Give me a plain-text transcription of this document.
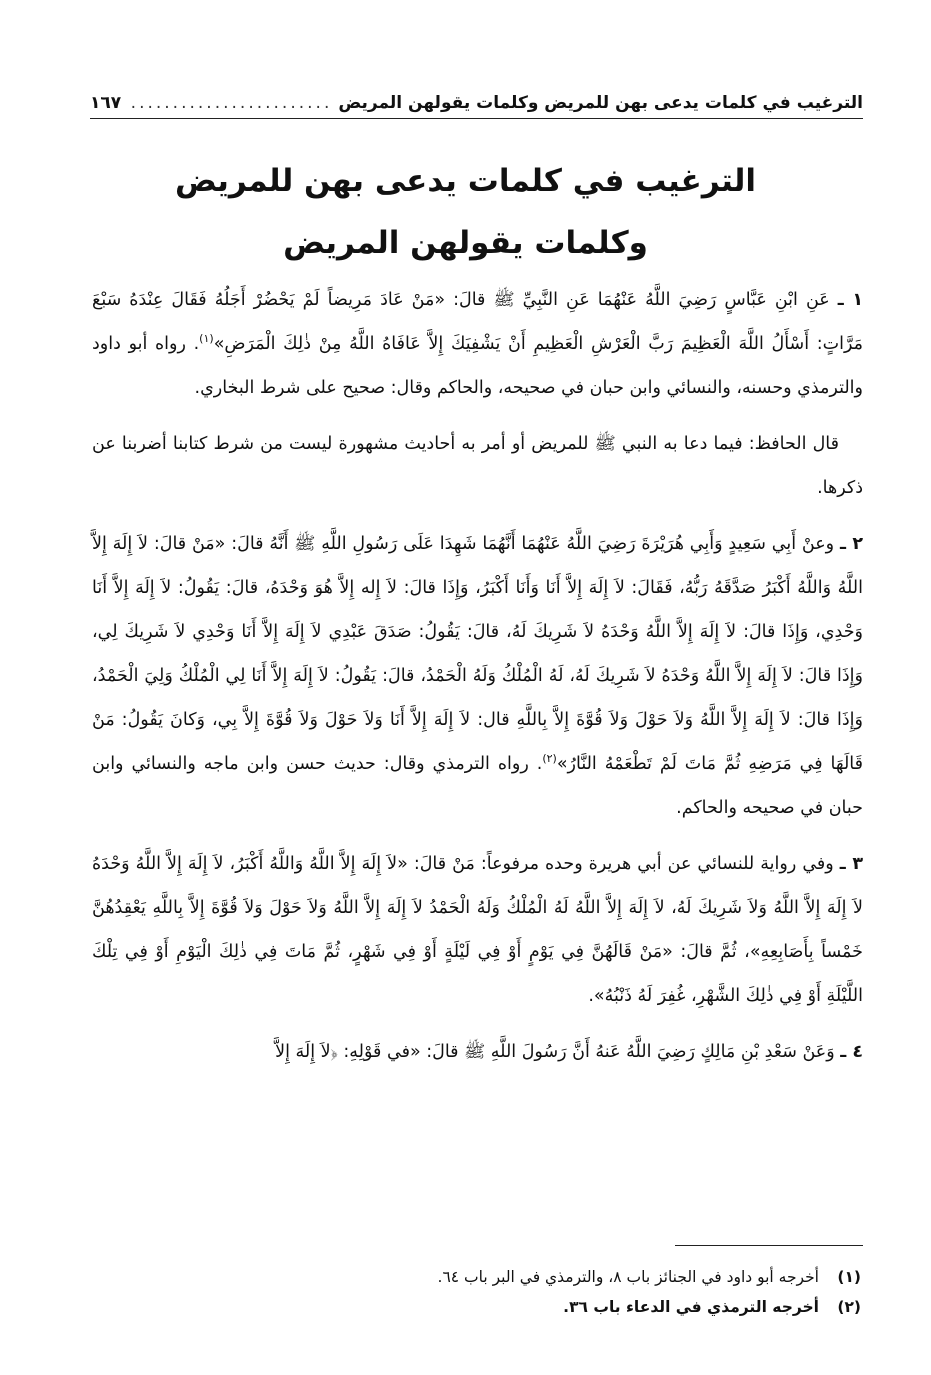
الترغيب في كلمات يدعى بهن للمريض وكلمات يقولهن المريض
.....
١٦٧
الترغيب في كلمات يدعى بهن للمريض
وكلمات يقولهن المريض

١ ـ عَنِ ابْنِ عَبَّاسٍ رَضِيَ اللَّهُ عَنْهُمَا عَنِ النَّبِيِّ ﷺ قالَ: «مَنْ عَادَ مَرِيضاً لَمْ يَحْضُرْ أَجَلُهُ فَقَالَ عِنْدَهُ سَبْعَ مَرَّاتٍ: أَسْأَلُ اللَّهَ الْعَظِيمَ رَبَّ الْعَرْشِ الْعَظِيمِ أَنْ يَشْفِيَكَ إِلاَّ عَافَاهُ اللَّهُ مِنْ ذٰلِكَ الْمَرَضِ»$^{(١)}$. رواه أبو داود والترمذي وحسنه، والنسائي وابن حبان في صحيحه، والحاكم وقال: صحيح على شرط البخاري.

قال الحافظ: فيما دعا به النبي ﷺ للمريض أو أمر به أحاديث مشهورة ليست من شرط كتابنا أضربنا عن ذكرها.

٢ ـ وعنْ أَبِي سَعِيدٍ وَأَبِي هُرَيْرَةَ رَضِيَ اللَّهُ عَنْهُمَا أَنَّهُمَا شَهِدَا عَلَى رَسُولِ اللَّهِ ﷺ أَنَّهُ قالَ: «مَنْ قالَ: لاَ إِلَهَ إِلاَّ اللَّهُ وَاللَّهُ أَكْبَرُ صَدَّقَهُ رَبُّهُ، فَقَالَ: لاَ إِلَهَ إِلاَّ أَنَا وَأَنَا أَكْبَرُ، وَإِذَا قالَ: لاَ إِله إِلاَّ هُوَ وَحْدَهُ، قالَ: يَقُولُ: لاَ إِلَهَ إِلاَّ أَنَا وَحْدِي، وَإِذَا قالَ: لاَ إِلَهَ إِلاَّ اللَّهُ وَحْدَهُ لاَ شَرِيكَ لَهُ، قالَ: يَقُولُ: صَدَقَ عَبْدِي لاَ إِلَهَ إِلاَّ أَنَا وَحْدِي لاَ شَرِيكَ لِي، وَإِذَا قالَ: لاَ إِلَهَ إِلاَّ اللَّهُ وَحْدَهُ لاَ شَرِيكَ لَهُ، لَهُ الْمُلْكُ وَلَهُ الْحَمْدُ، قالَ: يَقُولُ: لاَ إِلَهَ إِلاَّ أَنَا لِي الْمُلْكُ وَلِيَ الْحَمْدُ، وَإِذَا قالَ: لاَ إِلَهَ إِلاَّ اللَّهُ وَلاَ حَوْلَ وَلاَ قُوَّةَ إِلاَّ بِاللَّهِ قال: لاَ إِلَهَ إِلاَّ أَنَا وَلاَ حَوْلَ وَلاَ قُوَّةَ إِلاَّ بِي، وَكانَ يَقُولُ: مَنْ قَالَهَا فِي مَرَضِهِ ثُمَّ مَاتَ لَمْ تَطْعَمْهُ النَّارُ»$^{(٢)}$. رواه الترمذي وقال: حديث حسن وابن ماجه والنسائي وابن حبان في صحيحه والحاكم.

٣ ـ وفي رواية للنسائي عن أبي هريرة وحده مرفوعاً: مَنْ قالَ: «لاَ إِلَهَ إِلاَّ اللَّهُ وَاللَّهُ أَكْبَرُ، لاَ إِلَهَ إِلاَّ اللَّهُ وَحْدَهُ لاَ إِلَهَ إِلاَّ اللَّهُ وَلاَ شَرِيكَ لَهُ، لاَ إِلَهَ إِلاَّ اللَّهُ لَهُ الْمُلْكُ وَلَهُ الْحَمْدُ لاَ إِلَهَ إِلاَّ اللَّهُ وَلاَ حَوْلَ وَلاَ قُوَّةَ إِلاَّ بِاللَّهِ يَعْقِدُهُنَّ خَمْساً بِأَصَابِعِهِ»، ثُمَّ قالَ: «مَنْ قَالَهُنَّ فِي يَوْمٍ أَوْ فِي لَيْلَةٍ أَوْ فِي شَهْرٍ، ثُمَّ مَاتَ فِي ذٰلِكَ الْيَوْمِ أَوْ فِي تِلْكَ اللَّيْلَةِ أَوْ فِي ذٰلِكَ الشَّهْرِ، غُفِرَ لَهُ ذَنْبُهُ».

٤ ـ وَعَنْ سَعْدِ بْنِ مَالِكٍ رَضِيَ اللَّهُ عَنهُ أَنَّ رَسُولَ اللَّهِ ﷺ قالَ: «في قَوْلِهِ: ﴿لاَ إِلَهَ إِلاَّ

(١)
أخرجه أبو داود في الجنائز باب ٨، والترمذي في البر باب ٦٤.
(٢)
أخرجه الترمذي في الدعاء باب ٣٦.
